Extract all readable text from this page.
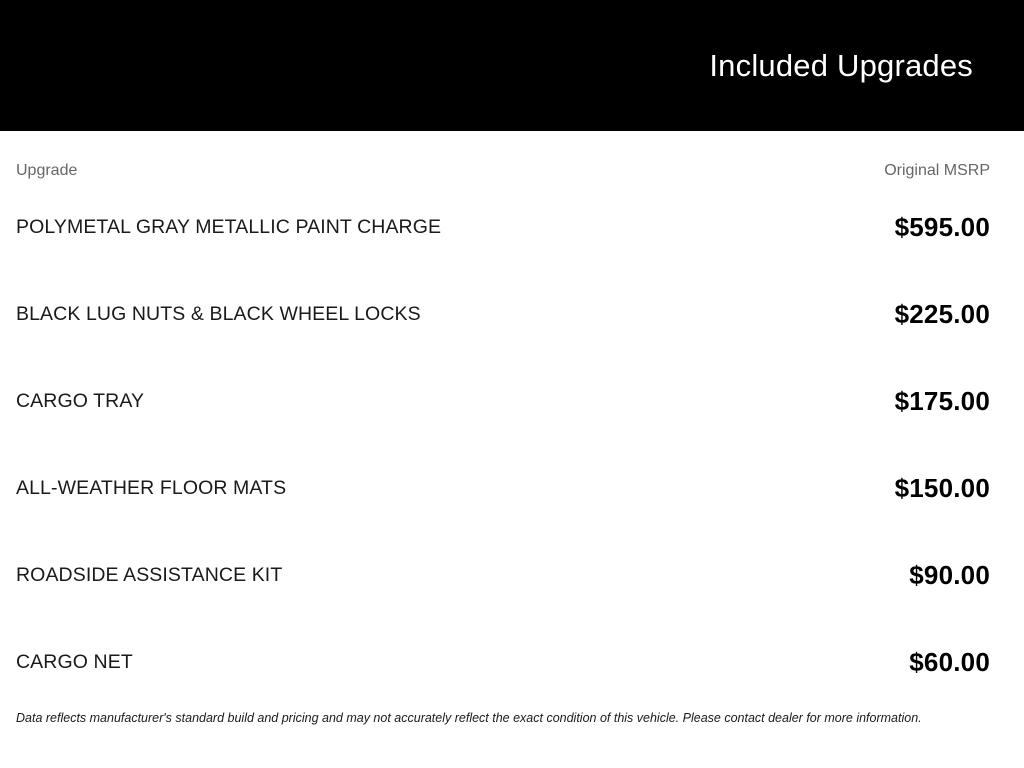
Included Upgrades
Upgrade	Original MSRP
POLYMETAL GRAY METALLIC PAINT CHARGE	$595.00
BLACK LUG NUTS & BLACK WHEEL LOCKS	$225.00
CARGO TRAY	$175.00
ALL-WEATHER FLOOR MATS	$150.00
ROADSIDE ASSISTANCE KIT	$90.00
CARGO NET	$60.00
Data reflects manufacturer's standard build and pricing and may not accurately reflect the exact condition of this vehicle. Please contact dealer for more information.
